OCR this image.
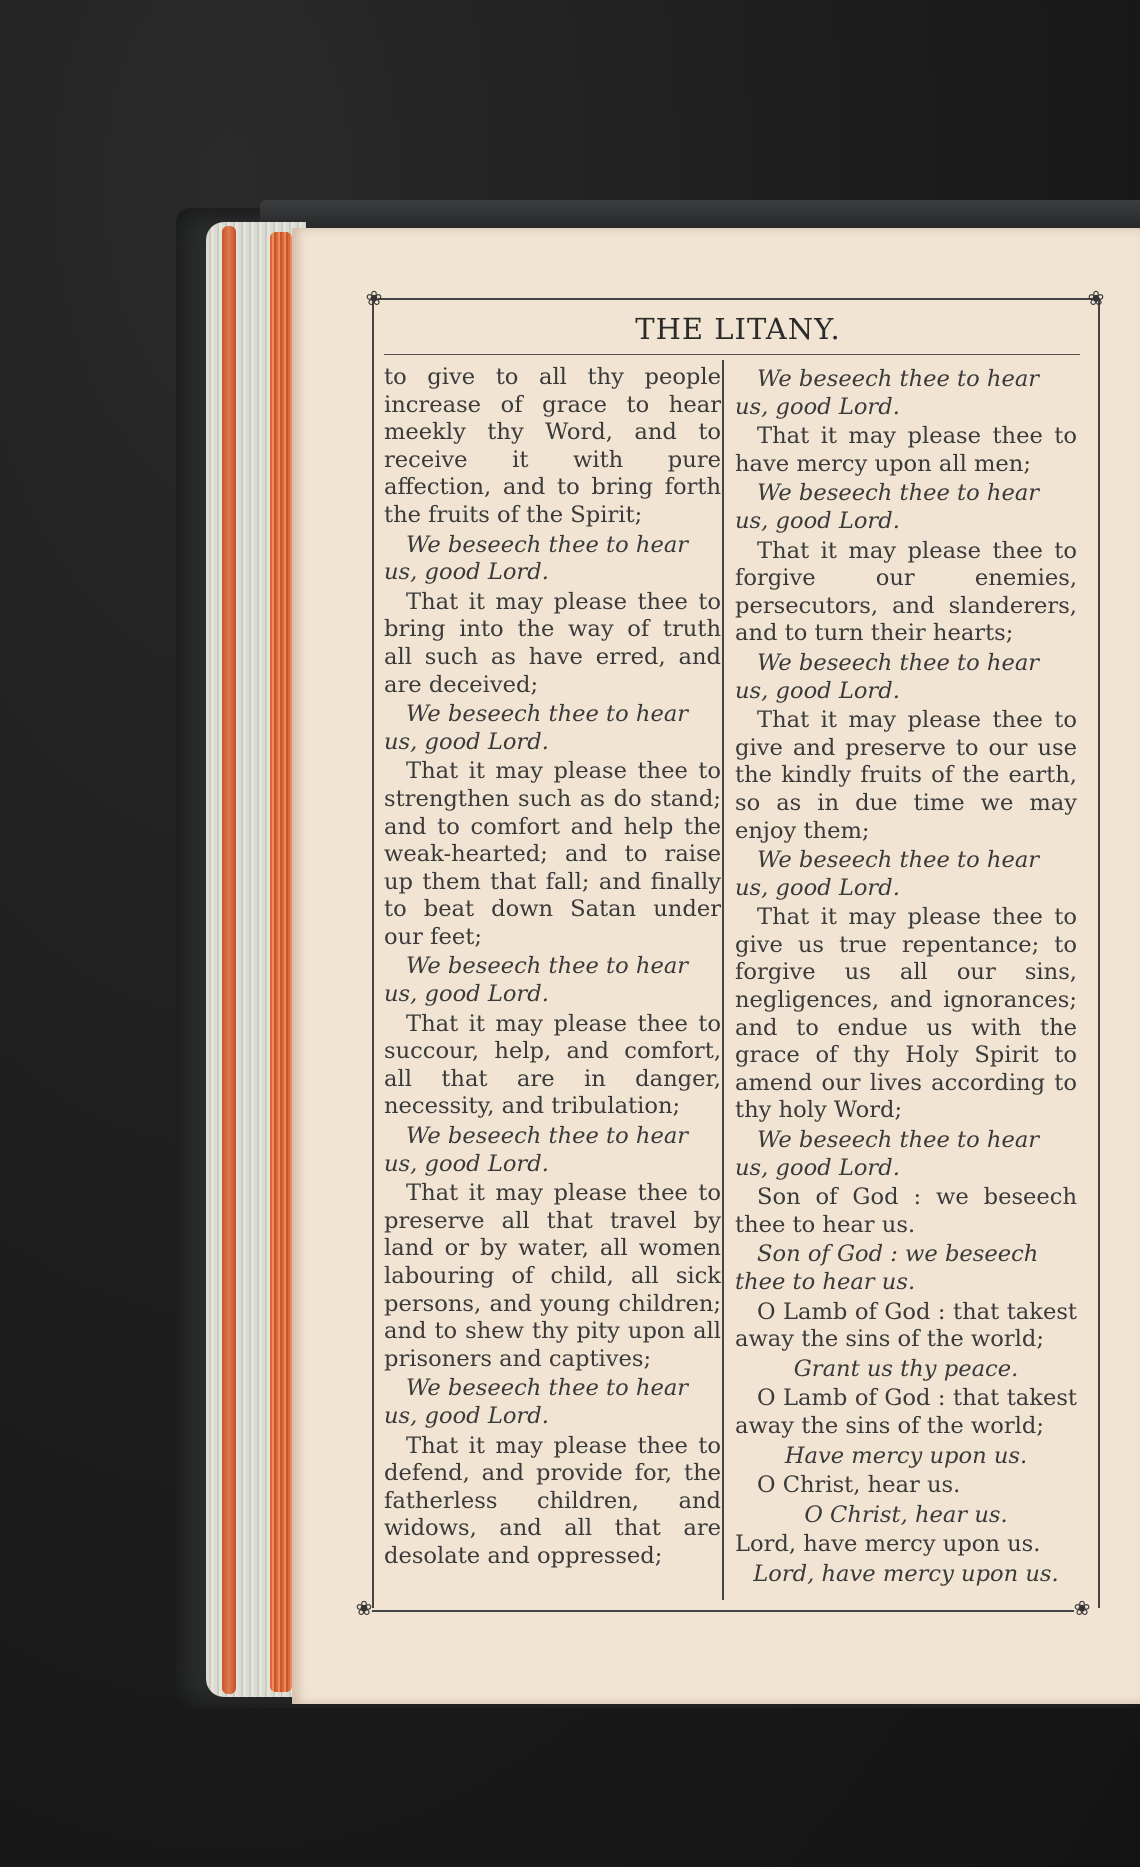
❀	❀
❀	❀
THE LITANY.

to give to all thy people increase of grace to hear meekly thy Word, and to receive it with pure affection, and to bring forth the fruits of the Spirit;

We beseech thee to hear us, good Lord.

That it may please thee to bring into the way of truth all such as have erred, and are deceived;

We beseech thee to hear us, good Lord.

That it may please thee to strengthen such as do stand; and to comfort and help the weak-hearted; and to raise up them that fall; and finally to beat down Satan under our feet;

We beseech thee to hear us, good Lord.

That it may please thee to succour, help, and comfort, all that are in danger, necessity, and tribulation;

We beseech thee to hear us, good Lord.

That it may please thee to preserve all that travel by land or by water, all women labouring of child, all sick persons, and young children; and to shew thy pity upon all prisoners and captives;

We beseech thee to hear us, good Lord.

That it may please thee to defend, and provide for, the fatherless children, and widows, and all that are desolate and oppressed;

We beseech thee to hear us, good Lord.

That it may please thee to have mercy upon all men;

We beseech thee to hear us, good Lord.

That it may please thee to forgive our enemies, persecutors, and slanderers, and to turn their hearts;

We beseech thee to hear us, good Lord.

That it may please thee to give and preserve to our use the kindly fruits of the earth, so as in due time we may enjoy them;

We beseech thee to hear us, good Lord.

That it may please thee to give us true repentance; to forgive us all our sins, negligences, and ignorances; and to endue us with the grace of thy Holy Spirit to amend our lives according to thy holy Word;

We beseech thee to hear us, good Lord.

Son of God : we beseech thee to hear us.

Son of God : we beseech thee to hear us.

O Lamb of God : that takest away the sins of the world;

Grant us thy peace.

O Lamb of God : that takest away the sins of the world;

Have mercy upon us.

O Christ, hear us.

O Christ, hear us.

Lord, have mercy upon us.

Lord, have mercy upon us.
